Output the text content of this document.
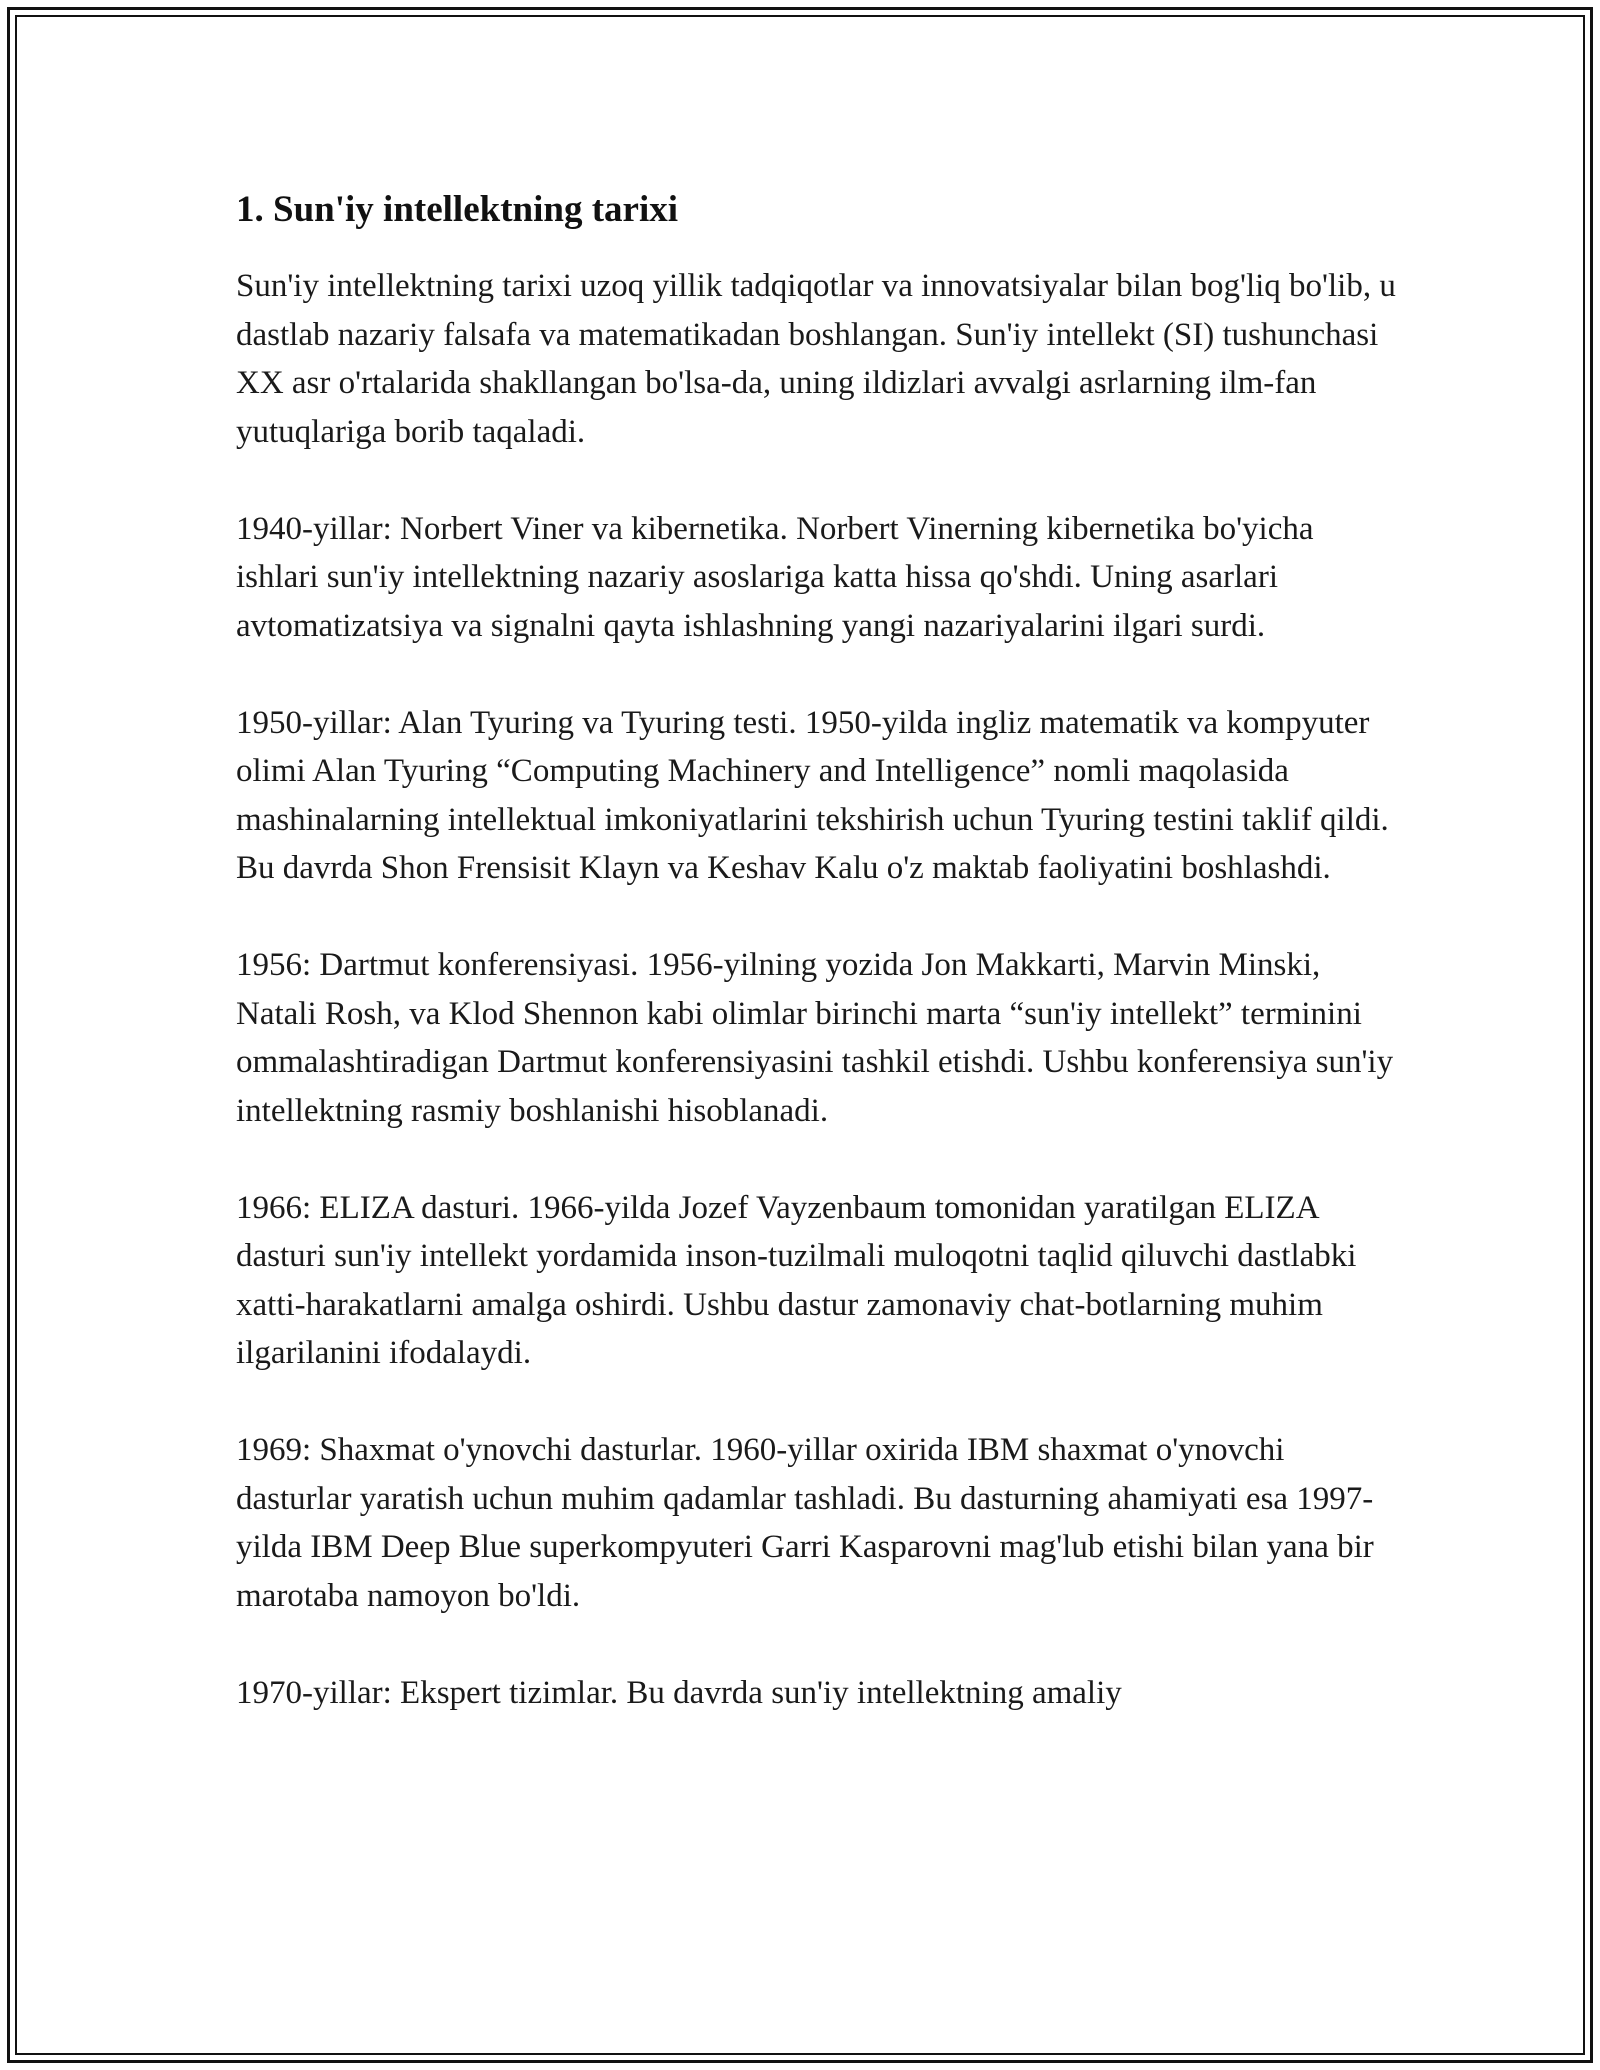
1. Sun'iy intellektning tarixi

Sun'iy intellektning tarixi uzoq yillik tadqiqotlar va innovatsiyalar bilan bog'liq bo'lib, u dastlab nazariy falsafa va matematikadan boshlangan. Sun'iy intellekt (SI) tushunchasi XX asr o'rtalarida shakllangan bo'lsa-da, uning ildizlari avvalgi asrlarning ilm-fan yutuqlariga borib taqaladi.

1940-yillar: Norbert Viner va kibernetika. Norbert Vinerning kibernetika bo'yicha ishlari sun'iy intellektning nazariy asoslariga katta hissa qo'shdi. Uning asarlari avtomatizatsiya va signalni qayta ishlashning yangi nazariyalarini ilgari surdi.

1950-yillar: Alan Tyuring va Tyuring testi. 1950-yilda ingliz matematik va kompyuter olimi Alan Tyuring “Computing Machinery and Intelligence” nomli maqolasida mashinalarning intellektual imkoniyatlarini tekshirish uchun Tyuring testini taklif qildi. Bu davrda Shon Frensisit Klayn va Keshav Kalu o'z maktab faoliyatini boshlashdi.

1956: Dartmut konferensiyasi. 1956-yilning yozida Jon Makkarti, Marvin Minski, Natali Rosh, va Klod Shennon kabi olimlar birinchi marta “sun'iy intellekt” terminini ommalashtiradigan Dartmut konferensiyasini tashkil etishdi. Ushbu konferensiya sun'iy intellektning rasmiy boshlanishi hisoblanadi.

1966: ELIZA dasturi. 1966-yilda Jozef Vayzenbaum tomonidan yaratilgan ELIZA dasturi sun'iy intellekt yordamida inson-tuzilmali muloqotni taqlid qiluvchi dastlabki xatti-harakatlarni amalga oshirdi. Ushbu dastur zamonaviy chat-botlarning muhim ilgarilanini ifodalaydi.

1969: Shaxmat o'ynovchi dasturlar. 1960-yillar oxirida IBM shaxmat o'ynovchi dasturlar yaratish uchun muhim qadamlar tashladi. Bu dasturning ahamiyati esa 1997-yilda IBM Deep Blue superkompyuteri Garri Kasparovni mag'lub etishi bilan yana bir marotaba namoyon bo'ldi.

1970-yillar: Ekspert tizimlar. Bu davrda sun'iy intellektning amaliy
